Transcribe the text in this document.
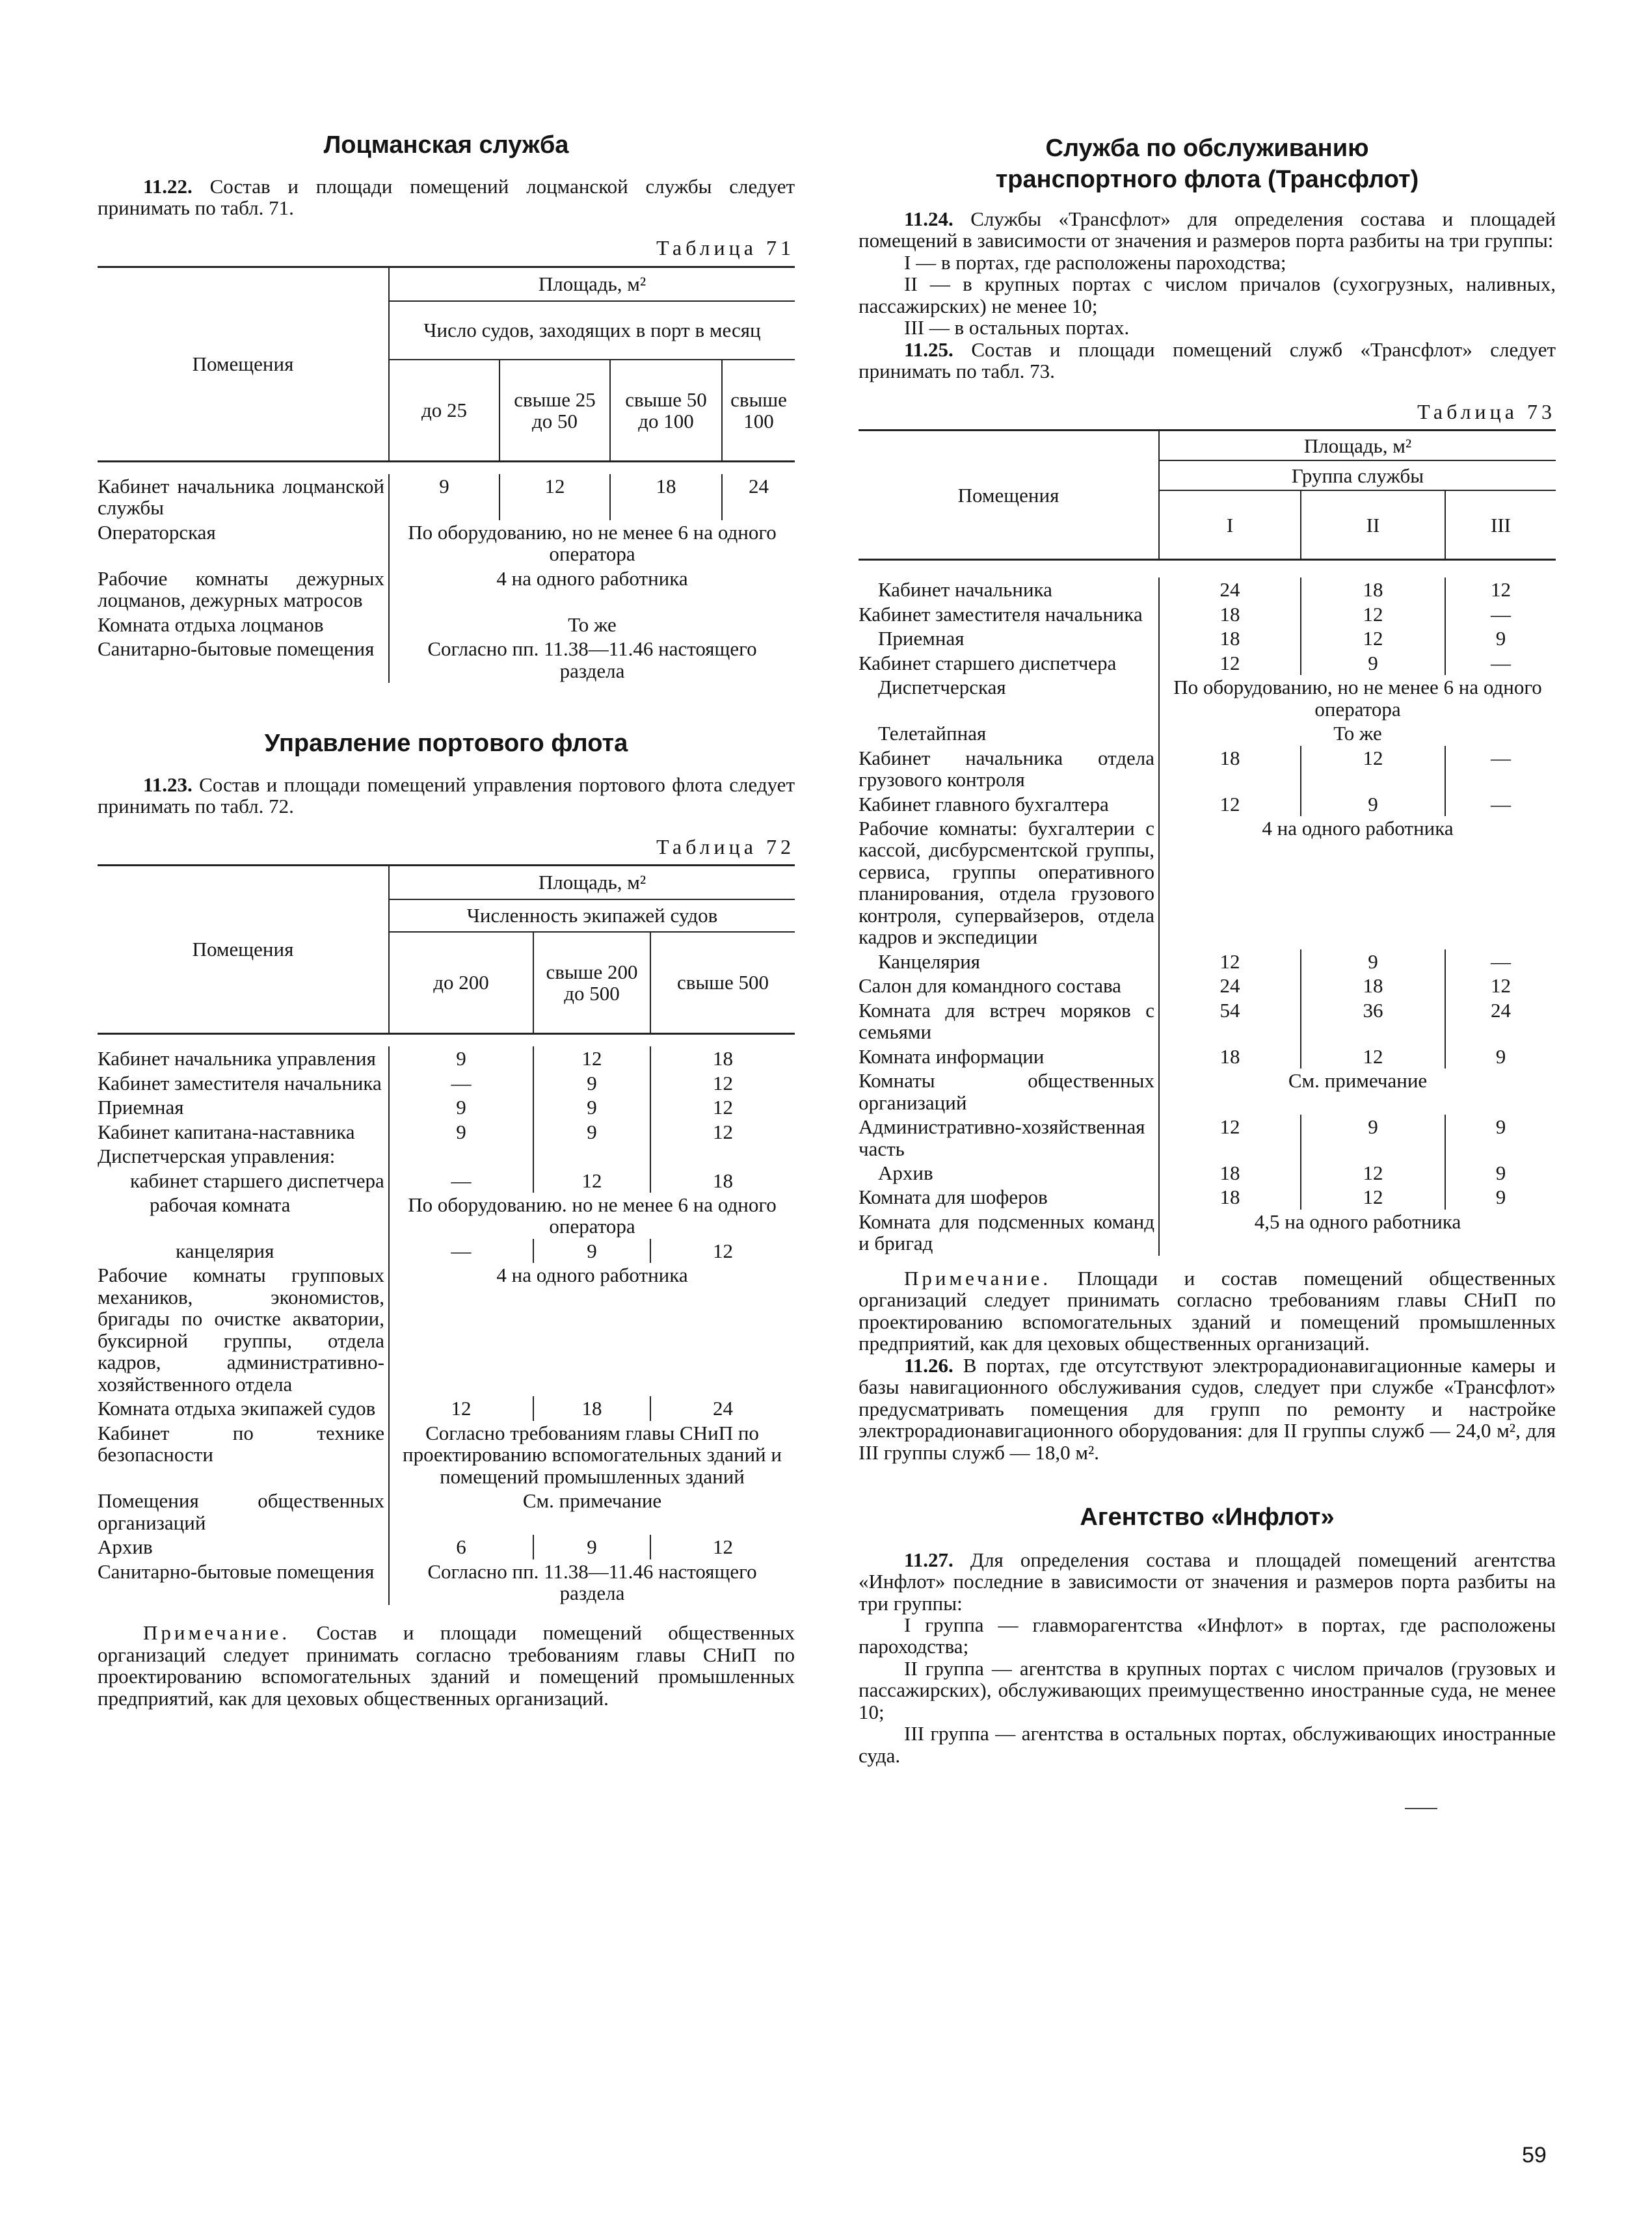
Лоцманская служба

11.22. Состав и площади помещений лоцманской службы следует принимать по табл. 71.

Таблица 71

Помещения	Площадь, м²			
	Число судов, заходящих в порт в месяц			
	до 25	свыше 25 до 50	свыше 50 до 100	свыше 100

Кабинет начальника лоцманской службы	9	12	18	24
Операторская	По оборудованию, но не менее 6 на одного оператора			
Рабочие комнаты дежурных лоцманов, дежурных матросов	4 на одного работника			
Комната отдыха лоцманов	То же			
Санитарно-бытовые помещения	Согласно пп. 11.38—11.46 настоящего раздела			
Управление портового флота

11.23. Состав и площади помещений управления портового флота следует принимать по табл. 72.

Таблица 72

Помещения	Площадь, м²		
	Численность экипажей судов		
	до 200	свыше 200 до 500	свыше 500

Кабинет начальника управления	9	12	18
Кабинет заместителя начальника	—	9	12
Приемная	9	9	12
Кабинет капитана-наставника	9	9	12
Диспетчерская управления:			
кабинет старшего диспетчера	—	12	18
рабочая комната	По оборудованию. но не менее 6 на одного оператора		
канцелярия	—	9	12
Рабочие комнаты групповых механиков, экономистов, бригады по очистке акватории, буксирной группы, отдела кадров, административно-хозяйственного отдела	4 на одного работника		
Комната отдыха экипажей судов	12	18	24
Кабинет по технике безопасности	Согласно требованиям главы СНиП по проектированию вспомогательных зданий и помещений промышленных зданий		
Помещения общественных организаций	См. примечание		
Архив	6	9	12
Санитарно-бытовые помещения	Согласно пп. 11.38—11.46 настоящего раздела		

Примечание. Состав и площади помещений общественных организаций следует принимать согласно требованиям главы СНиП по проектированию вспомогательных зданий и помещений промышленных предприятий, как для цеховых общественных организаций.

Служба по обслуживанию
транспортного флота (Трансфлот)

11.24. Службы «Трансфлот» для определения состава и площадей помещений в зависимости от значения и размеров порта разбиты на три группы:

I — в портах, где расположены пароходства;

II — в крупных портах с числом причалов (сухогрузных, наливных, пассажирских) не менее 10;

III — в остальных портах.

11.25. Состав и площади помещений служб «Трансфлот» следует принимать по табл. 73.

Таблица 73

Помещения	Площадь, м²		
	Группа службы		
	I	II	III

Кабинет начальника	24	18	12
Кабинет заместителя начальника	18	12	—
Приемная	18	12	9
Кабинет старшего диспетчера	12	9	—
Диспетчерская	По оборудованию, но не менее 6 на одного оператора		
Телетайпная	То же		
Кабинет начальника отдела грузового контроля	18	12	—
Кабинет главного бухгалтера	12	9	—
Рабочие комнаты: бухгалтерии с кассой, дисбурсментской группы, сервиса, группы оперативного планирования, отдела грузового контроля, супервайзеров, отдела кадров и экспедиции	4 на одного работника		
Канцелярия	12	9	—
Салон для командного состава	24	18	12
Комната для встреч моряков с семьями	54	36	24
Комната информации	18	12	9
Комнаты общественных организаций	См. примечание		
Административно-хозяйственная часть	12	9	9
Архив	18	12	9
Комната для шоферов	18	12	9
Комната для подсменных команд и бригад	4,5 на одного работника		

Примечание. Площади и состав помещений общественных организаций следует принимать согласно требованиям главы СНиП по проектированию вспомогательных зданий и помещений промышленных предприятий, как для цеховых общественных организаций.

11.26. В портах, где отсутствуют электрорадионавигационные камеры и базы навигационного обслуживания судов, следует при службе «Трансфлот» предусматривать помещения для групп по ремонту и настройке электрорадионавигационного оборудования: для II группы служб — 24,0 м², для III группы служб — 18,0 м².

Агентство «Инфлот»

11.27. Для определения состава и площадей помещений агентства «Инфлот» последние в зависимости от значения и размеров порта разбиты на три группы:

I группа — главморагентства «Инфлот» в портах, где расположены пароходства;

II группа — агентства в крупных портах с числом причалов (грузовых и пассажирских), обслуживающих преимущественно иностранные суда, не менее 10;

III группа — агентства в остальных портах, обслуживающих иностранные суда.

59
